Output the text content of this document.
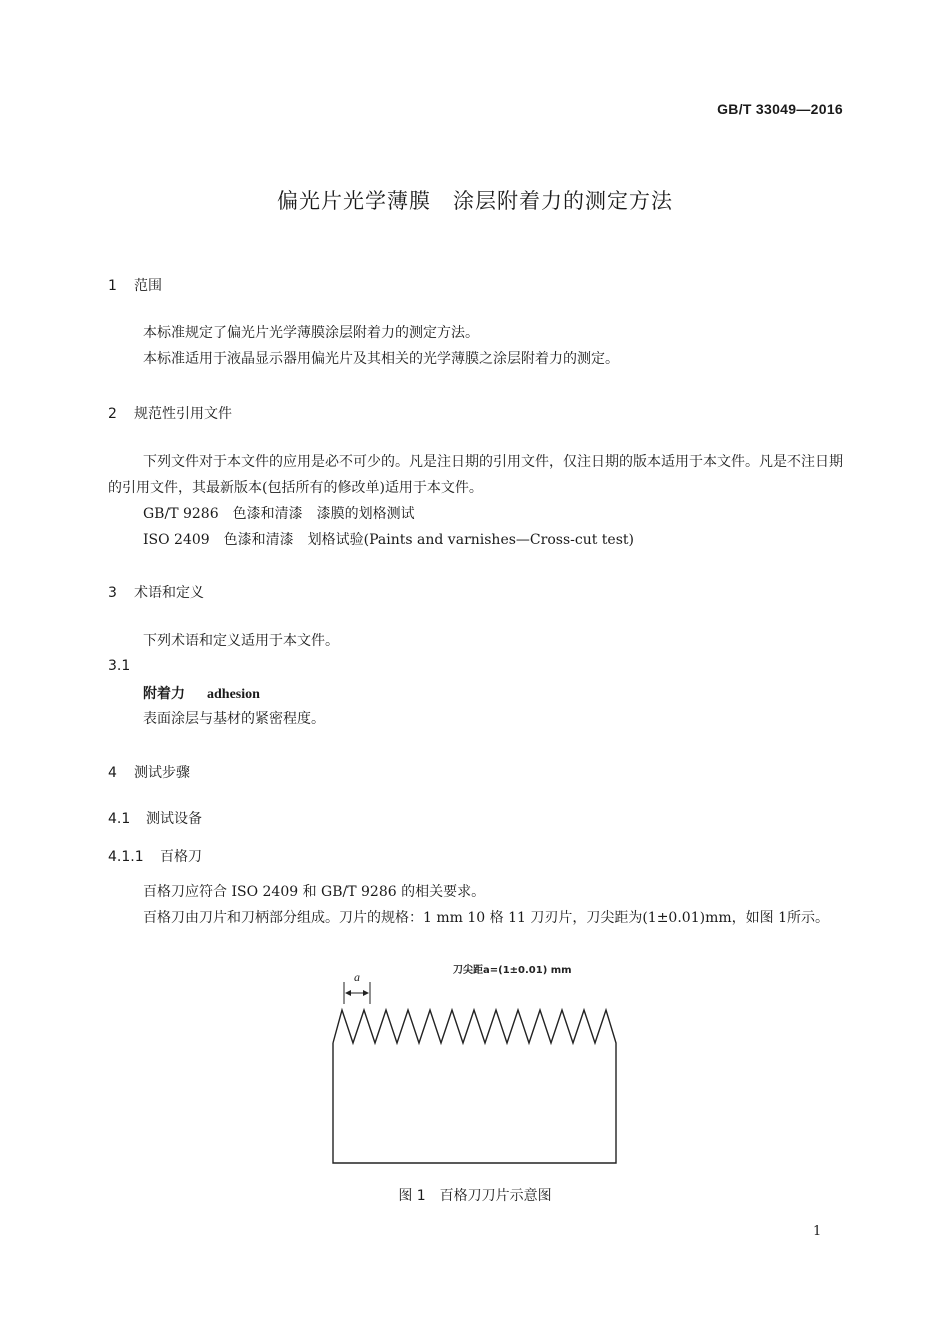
GB/T 33049—2016
偏光片光学薄膜　涂层附着力的测定方法
1 范围
本标准规定了偏光片光学薄膜涂层附着力的测定方法。
本标准适用于液晶显示器用偏光片及其相关的光学薄膜之涂层附着力的测定。
2 规范性引用文件
下列文件对于本文件的应用是必不可少的。凡是注日期的引用文件，仅注日期的版本适用于本文件。凡是不注日期的引用文件，其最新版本(包括所有的修改单)适用于本文件。
GB/T 9286　色漆和清漆　漆膜的划格测试
ISO 2409　色漆和清漆　划格试验(Paints and varnishes—Cross-cut test)
3 术语和定义
下列术语和定义适用于本文件。
3.1
附着力 adhesion
表面涂层与基材的紧密程度。
4 测试步骤
4.1 测试设备
4.1.1 百格刀
百格刀应符合 ISO 2409 和 GB/T 9286 的相关要求。
百格刀由刀片和刀柄部分组成。刀片的规格：1 mm 10 格 11 刀刃片，刀尖距为(1±0.01)mm，如图 1所示。
a	刀尖距a=(1±0.01) mm
图 1　百格刀刀片示意图
1
